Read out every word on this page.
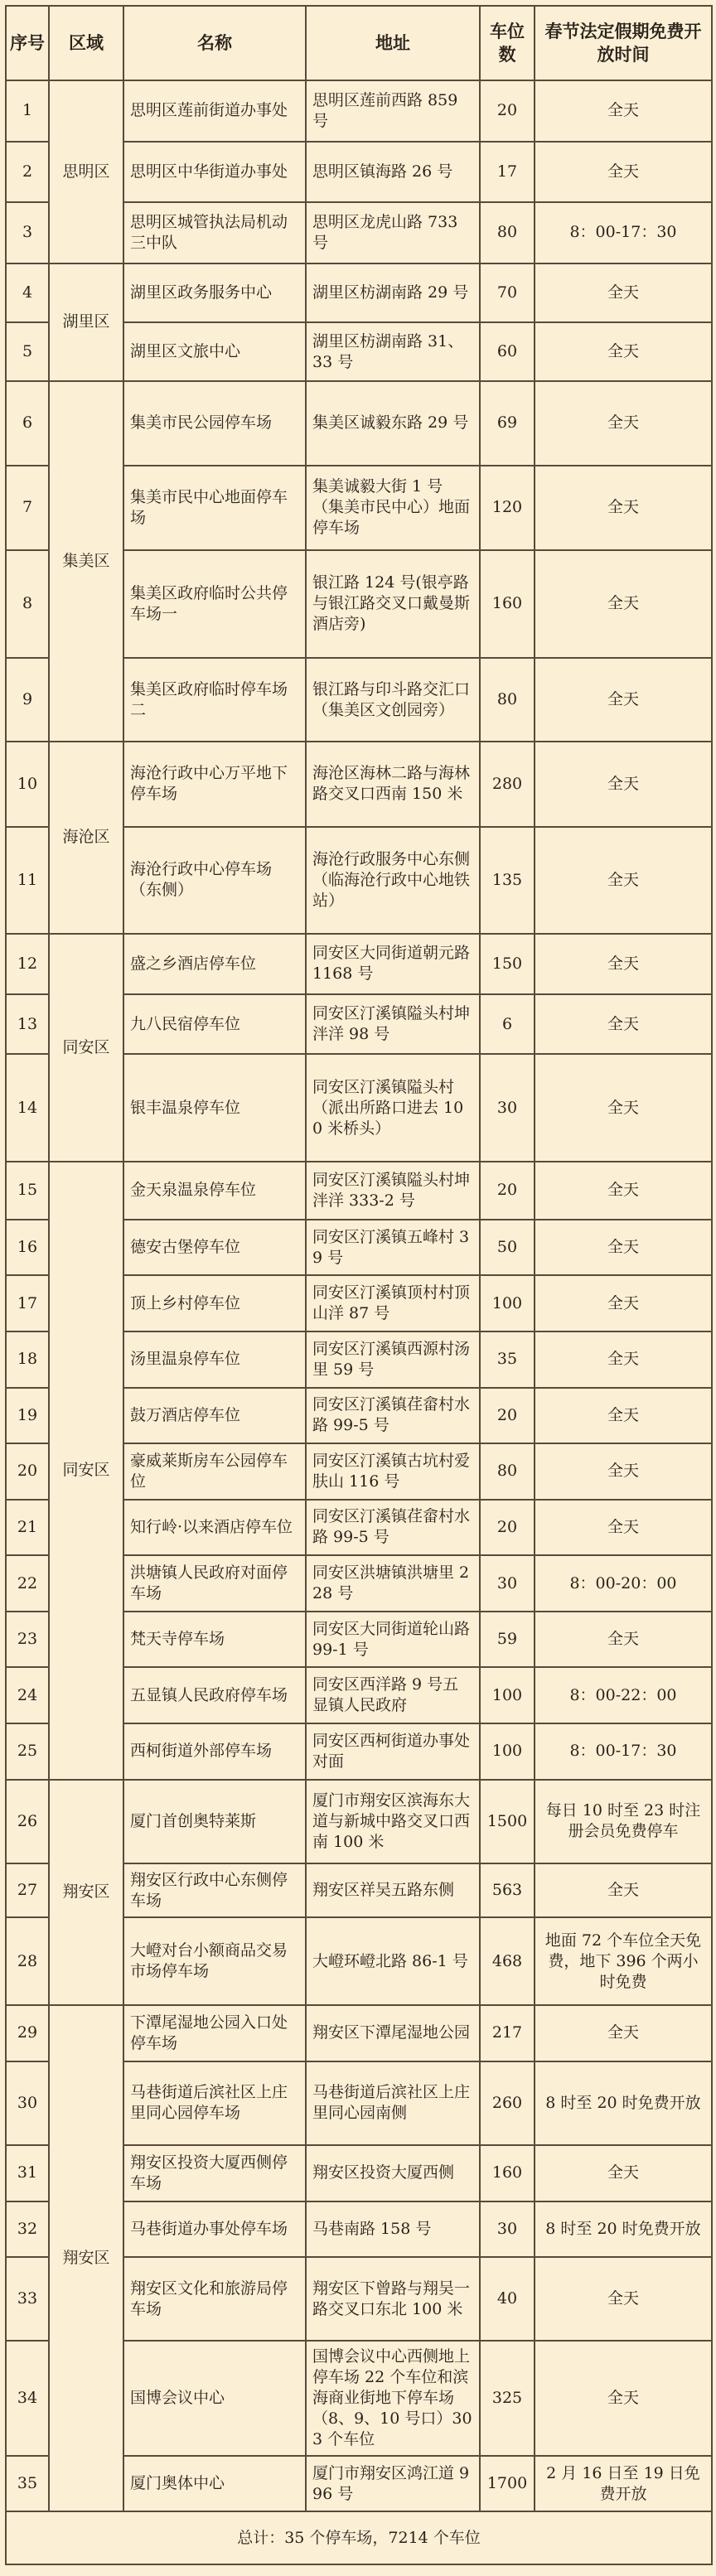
序号	区域	名称	地址	车位数	春节法定假期免费开放时间
1	思明区	思明区莲前街道办事处	思明区莲前西路 859 号	20	全天
2		思明区中华街道办事处	思明区镇海路 26 号	17	全天
3		思明区城管执法局机动三中队	思明区龙虎山路 733 号	80	8：00-17：30
4	湖里区	湖里区政务服务中心	湖里区枋湖南路 29 号	70	全天
5		湖里区文旅中心	湖里区枋湖南路 31、33 号	60	全天
6	集美区	集美市民公园停车场	集美区诚毅东路 29 号	69	全天
7		集美市民中心地面停车场	集美诚毅大街 1 号（集美市民中心）地面停车场	120	全天
8		集美区政府临时公共停车场一	银江路 124 号(银亭路与银江路交叉口戴曼斯酒店旁)	160	全天
9		集美区政府临时停车场二	银江路与印斗路交汇口（集美区文创园旁）	80	全天
10	海沧区	海沧行政中心万平地下停车场	海沧区海林二路与海林路交叉口西南 150 米	280	全天
11		海沧行政中心停车场（东侧）	海沧行政服务中心东侧（临海沧行政中心地铁站）	135	全天
12	同安区	盛之乡酒店停车位	同安区大同街道朝元路 1168 号	150	全天
13		九八民宿停车位	同安区汀溪镇隘头村坤泮洋 98 号	6	全天
14		银丰温泉停车位	同安区汀溪镇隘头村（派出所路口进去 100 米桥头）	30	全天
15	同安区	金天泉温泉停车位	同安区汀溪镇隘头村坤泮洋 333-2 号	20	全天
16		德安古堡停车位	同安区汀溪镇五峰村 39 号	50	全天
17		顶上乡村停车位	同安区汀溪镇顶村村顶山洋 87 号	100	全天
18		汤里温泉停车位	同安区汀溪镇西源村汤里 59 号	35	全天
19		鼓万酒店停车位	同安区汀溪镇荏畲村水路 99-5 号	20	全天
20		豪威莱斯房车公园停车位	同安区汀溪镇古坑村爱肤山 116 号	80	全天
21		知行岭·以来酒店停车位	同安区汀溪镇荏畲村水路 99-5 号	20	全天
22		洪塘镇人民政府对面停车场	同安区洪塘镇洪塘里 228 号	30	8：00-20：00
23		梵天寺停车场	同安区大同街道轮山路 99-1 号	59	全天
24		五显镇人民政府停车场	同安区西洋路 9 号五显镇人民政府	100	8：00-22：00
25		西柯街道外部停车场	同安区西柯街道办事处对面	100	8：00-17：30
26	翔安区	厦门首创奥特莱斯	厦门市翔安区滨海东大道与新城中路交叉口西南 100 米	1500	每日 10 时至 23 时注册会员免费停车
27		翔安区行政中心东侧停车场	翔安区祥吴五路东侧	563	全天
28		大嶝对台小额商品交易市场停车场	大嶝环嶝北路 86-1 号	468	地面 72 个车位全天免费，地下 396 个两小时免费
29	翔安区	下潭尾湿地公园入口处停车场	翔安区下潭尾湿地公园	217	全天
30		马巷街道后滨社区上庄里同心园停车场	马巷街道后滨社区上庄里同心园南侧	260	8 时至 20 时免费开放
31		翔安区投资大厦西侧停车场	翔安区投资大厦西侧	160	全天
32		马巷街道办事处停车场	马巷南路 158 号	30	8 时至 20 时免费开放
33		翔安区文化和旅游局停车场	翔安区下曾路与翔吴一路交叉口东北 100 米	40	全天
34		国博会议中心	国博会议中心西侧地上停车场 22 个车位和滨海商业街地下停车场（8、9、10 号口）303 个车位	325	全天
35		厦门奥体中心	厦门市翔安区鸿江道 996 号	1700	2 月 16 日至 19 日免费开放
总计：35 个停车场，7214 个车位					
